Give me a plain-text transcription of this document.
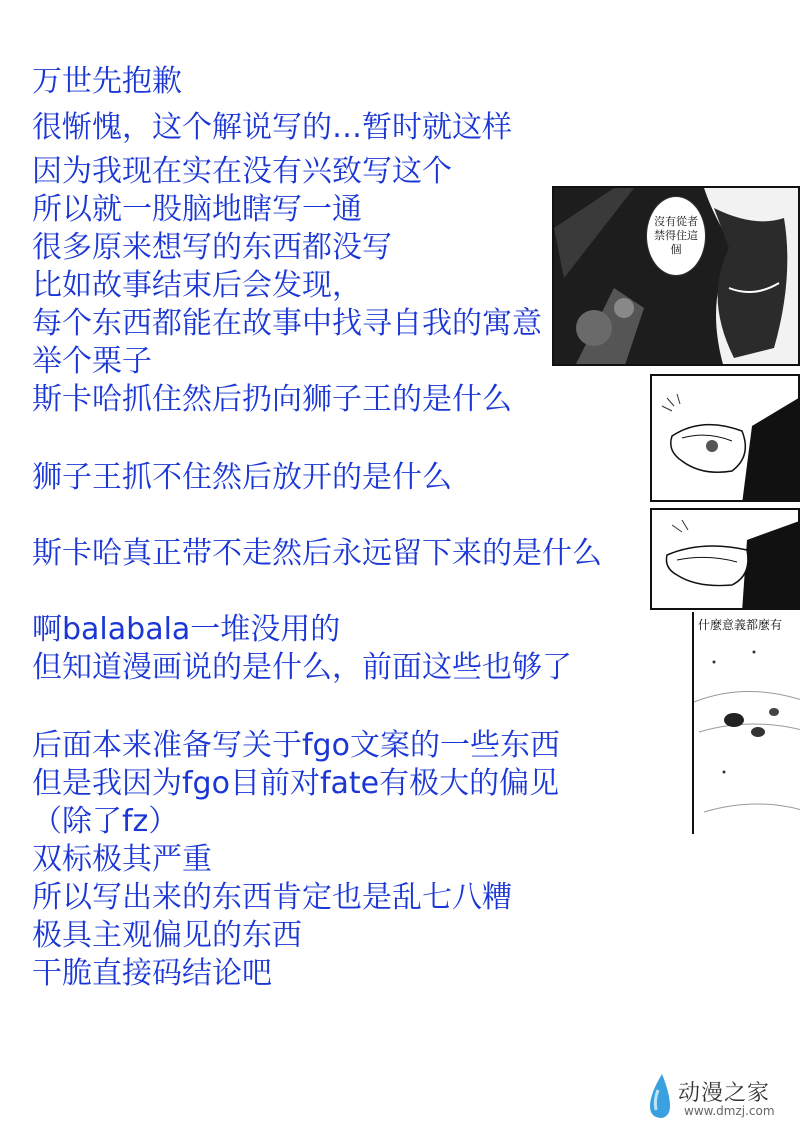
万世先抱歉
很惭愧，这个解说写的…暂时就这样
因为我现在实在没有兴致写这个
所以就一股脑地瞎写一通
很多原来想写的东西都没写
比如故事结束后会发现，
每个东西都能在故事中找寻自我的寓意
举个栗子
斯卡哈抓住然后扔向狮子王的是什么
狮子王抓不住然后放开的是什么
斯卡哈真正带不走然后永远留下来的是什么
啊balabala一堆没用的
但知道漫画说的是什么，前面这些也够了
后面本来准备写关于fgo文案的一些东西
但是我因为fgo目前对fate有极大的偏见
（除了fz）
双标极其严重
所以写出来的东西肯定也是乱七八糟
极具主观偏见的东西
干脆直接码结论吧
沒有從者禁得住這個
什麼意義都麼有
动漫之家
www.dmzj.com
